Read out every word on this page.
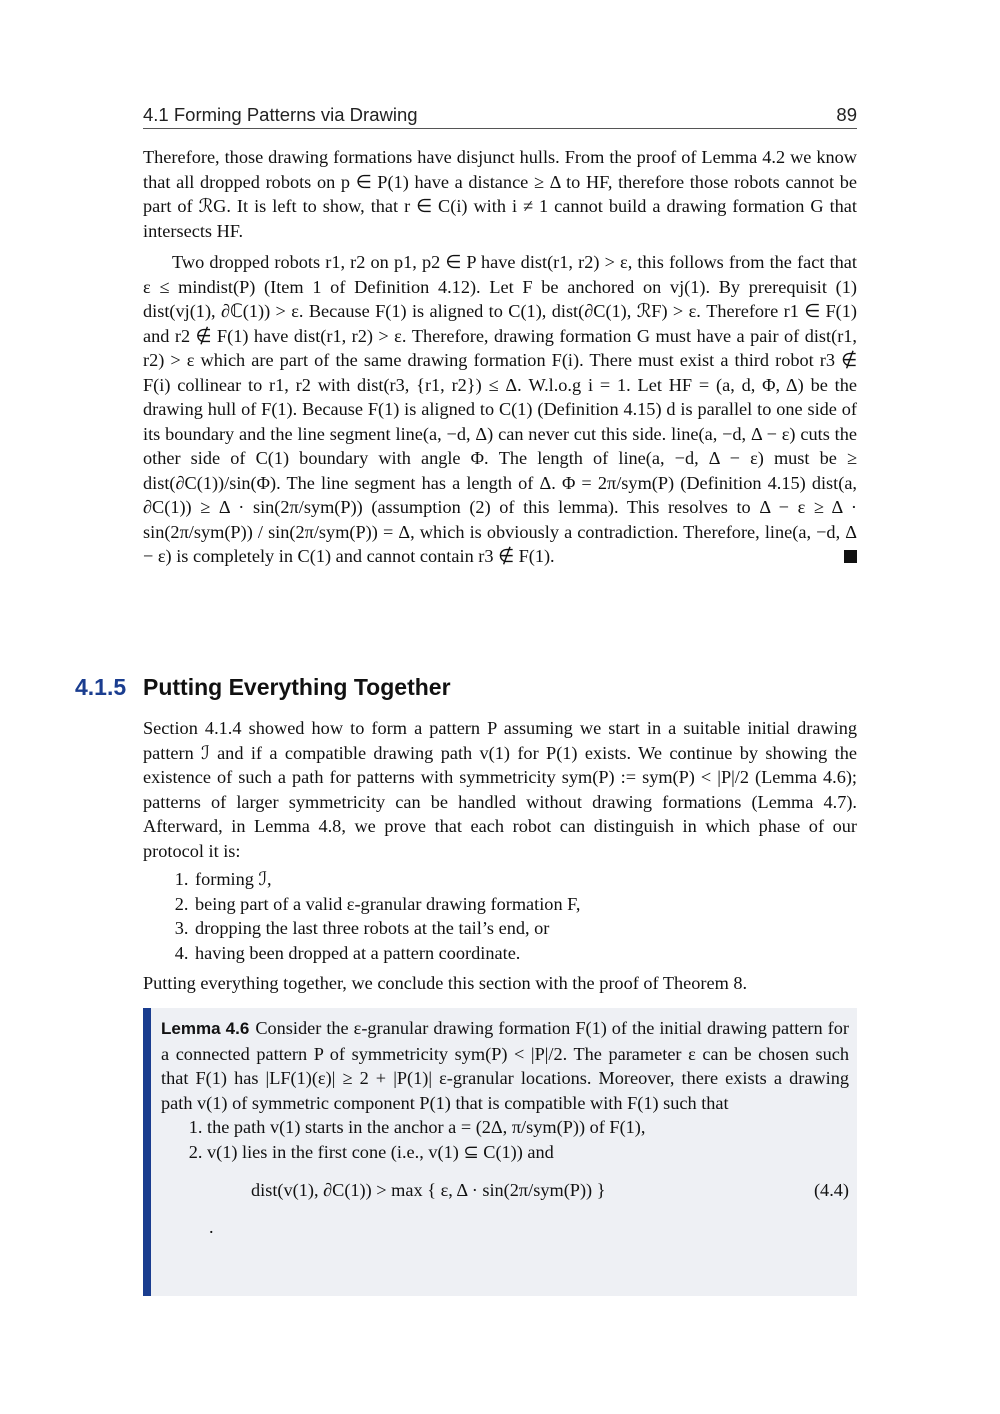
4.1 Forming Patterns via Drawing	89

Therefore, those drawing formations have disjunct hulls. From the proof of Lemma 4.2 we know that all dropped robots on p ∈ P(1) have a distance ≥ Δ to HF, therefore those robots cannot be part of ℛG. It is left to show, that r ∈ C(i) with i ≠ 1 cannot build a drawing formation G that intersects HF.

Two dropped robots r1, r2 on p1, p2 ∈ P have dist(r1, r2) > ε, this follows from the fact that ε ≤ mindist(P) (Item 1 of Definition 4.12). Let F be anchored on vj(1). By prerequisit (1) dist(vj(1), ∂ℂ(1)) > ε. Because F(1) is aligned to C(1), dist(∂C(1), ℛF) > ε. Therefore r1 ∈ F(1) and r2 ∉ F(1) have dist(r1, r2) > ε. Therefore, drawing formation G must have a pair of dist(r1, r2) > ε which are part of the same drawing formation F(i). There must exist a third robot r3 ∉ F(i) collinear to r1, r2 with dist(r3, {r1, r2}) ≤ Δ. W.l.o.g i = 1. Let HF = (a, d, Φ, Δ) be the drawing hull of F(1). Because F(1) is aligned to C(1) (Definition 4.15) d is parallel to one side of its boundary and the line segment line(a, −d, Δ) can never cut this side. line(a, −d, Δ − ε) cuts the other side of C(1) boundary with angle Φ. The length of line(a, −d, Δ − ε) must be ≥ dist(∂C(1))/sin(Φ). The line segment has a length of Δ. Φ = 2π/sym(P) (Definition 4.15) dist(a, ∂C(1)) ≥ Δ · sin(2π/sym(P)) (assumption (2) of this lemma). This resolves to Δ − ε ≥ Δ · sin(2π/sym(P)) / sin(2π/sym(P)) = Δ, which is obviously a contradiction. Therefore, line(a, −d, Δ − ε) is completely in C(1) and cannot contain r3 ∉ F(1).

4.1.5 Putting Everything Together

Section 4.1.4 showed how to form a pattern P assuming we start in a suitable initial drawing pattern ℐ and if a compatible drawing path v(1) for P(1) exists. We continue by showing the existence of such a path for patterns with symmetricity sym(P) := sym(P) < |P|/2 (Lemma 4.6); patterns of larger symmetricity can be handled without drawing formations (Lemma 4.7). Afterward, in Lemma 4.8, we prove that each robot can distinguish in which phase of our protocol it is:

1. forming ℐ,
2. being part of a valid ε-granular drawing formation F,
3. dropping the last three robots at the tail’s end, or
4. having been dropped at a pattern coordinate.

Putting everything together, we conclude this section with the proof of Theorem 8.

Lemma 4.6 Consider the ε-granular drawing formation F(1) of the initial drawing pattern for a connected pattern P of symmetricity sym(P) < |P|/2. The parameter ε can be chosen such that F(1) has |LF(1)(ε)| ≥ 2 + |P(1)| ε-granular locations. Moreover, there exists a drawing path v(1) of symmetric component P(1) that is compatible with F(1) such that

1. the path v(1) starts in the anchor a = (2Δ, π/sym(P)) of F(1),
2. v(1) lies in the first cone (i.e., v(1) ⊆ C(1)) and
dist(v(1), ∂C(1)) > max { ε, Δ · sin(2π/sym(P)) }	(4.4)
.
